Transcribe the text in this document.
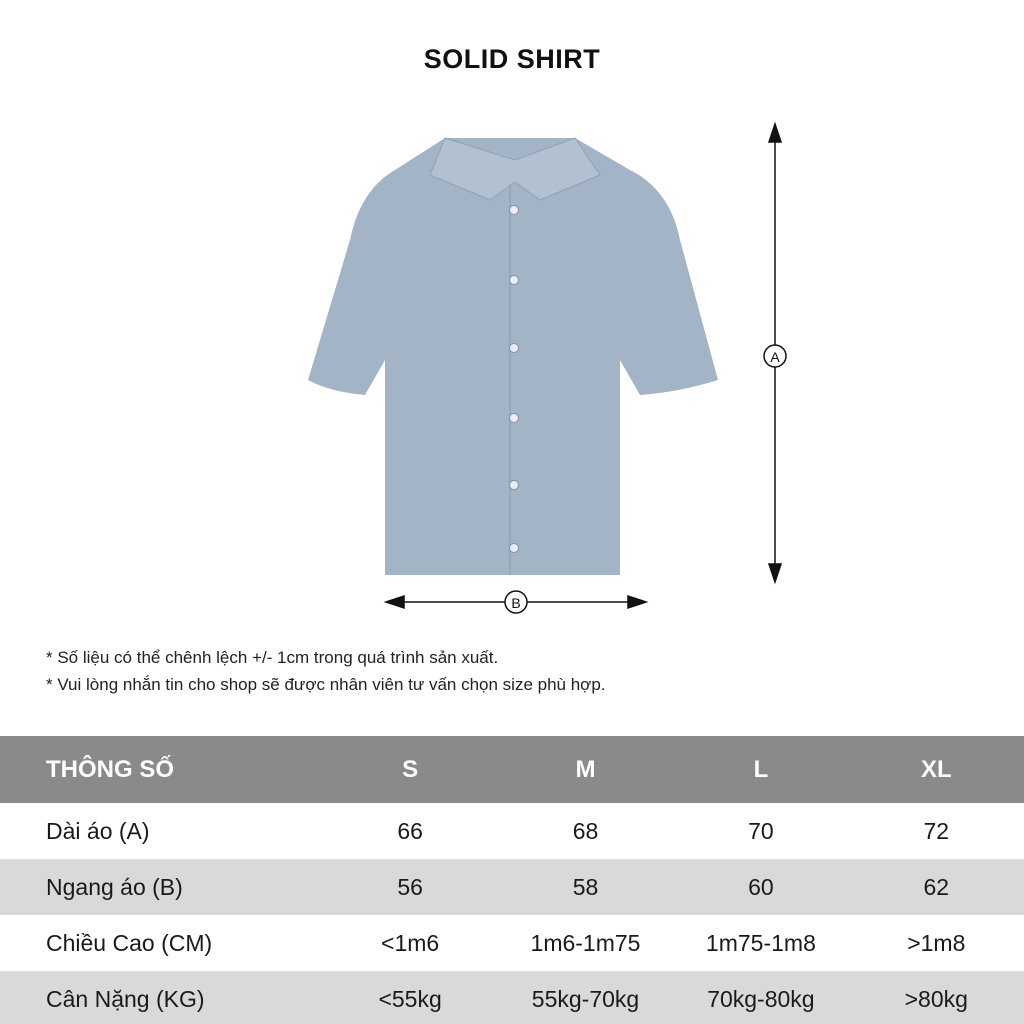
SOLID SHIRT
A
B
* Số liệu có thể chênh lệch +/- 1cm trong quá trình sản xuất.
* Vui lòng nhắn tin cho shop sẽ được nhân viên tư vấn chọn size phù hợp.
THÔNG SỐ	S	M	L	XL
Dài áo (A)	66	68	70	72
Ngang áo (B)	56	58	60	62
Chiều Cao (CM)	<1m6	1m6-1m75	1m75-1m8	>1m8
Cân Nặng (KG)	<55kg	55kg-70kg	70kg-80kg	>80kg
